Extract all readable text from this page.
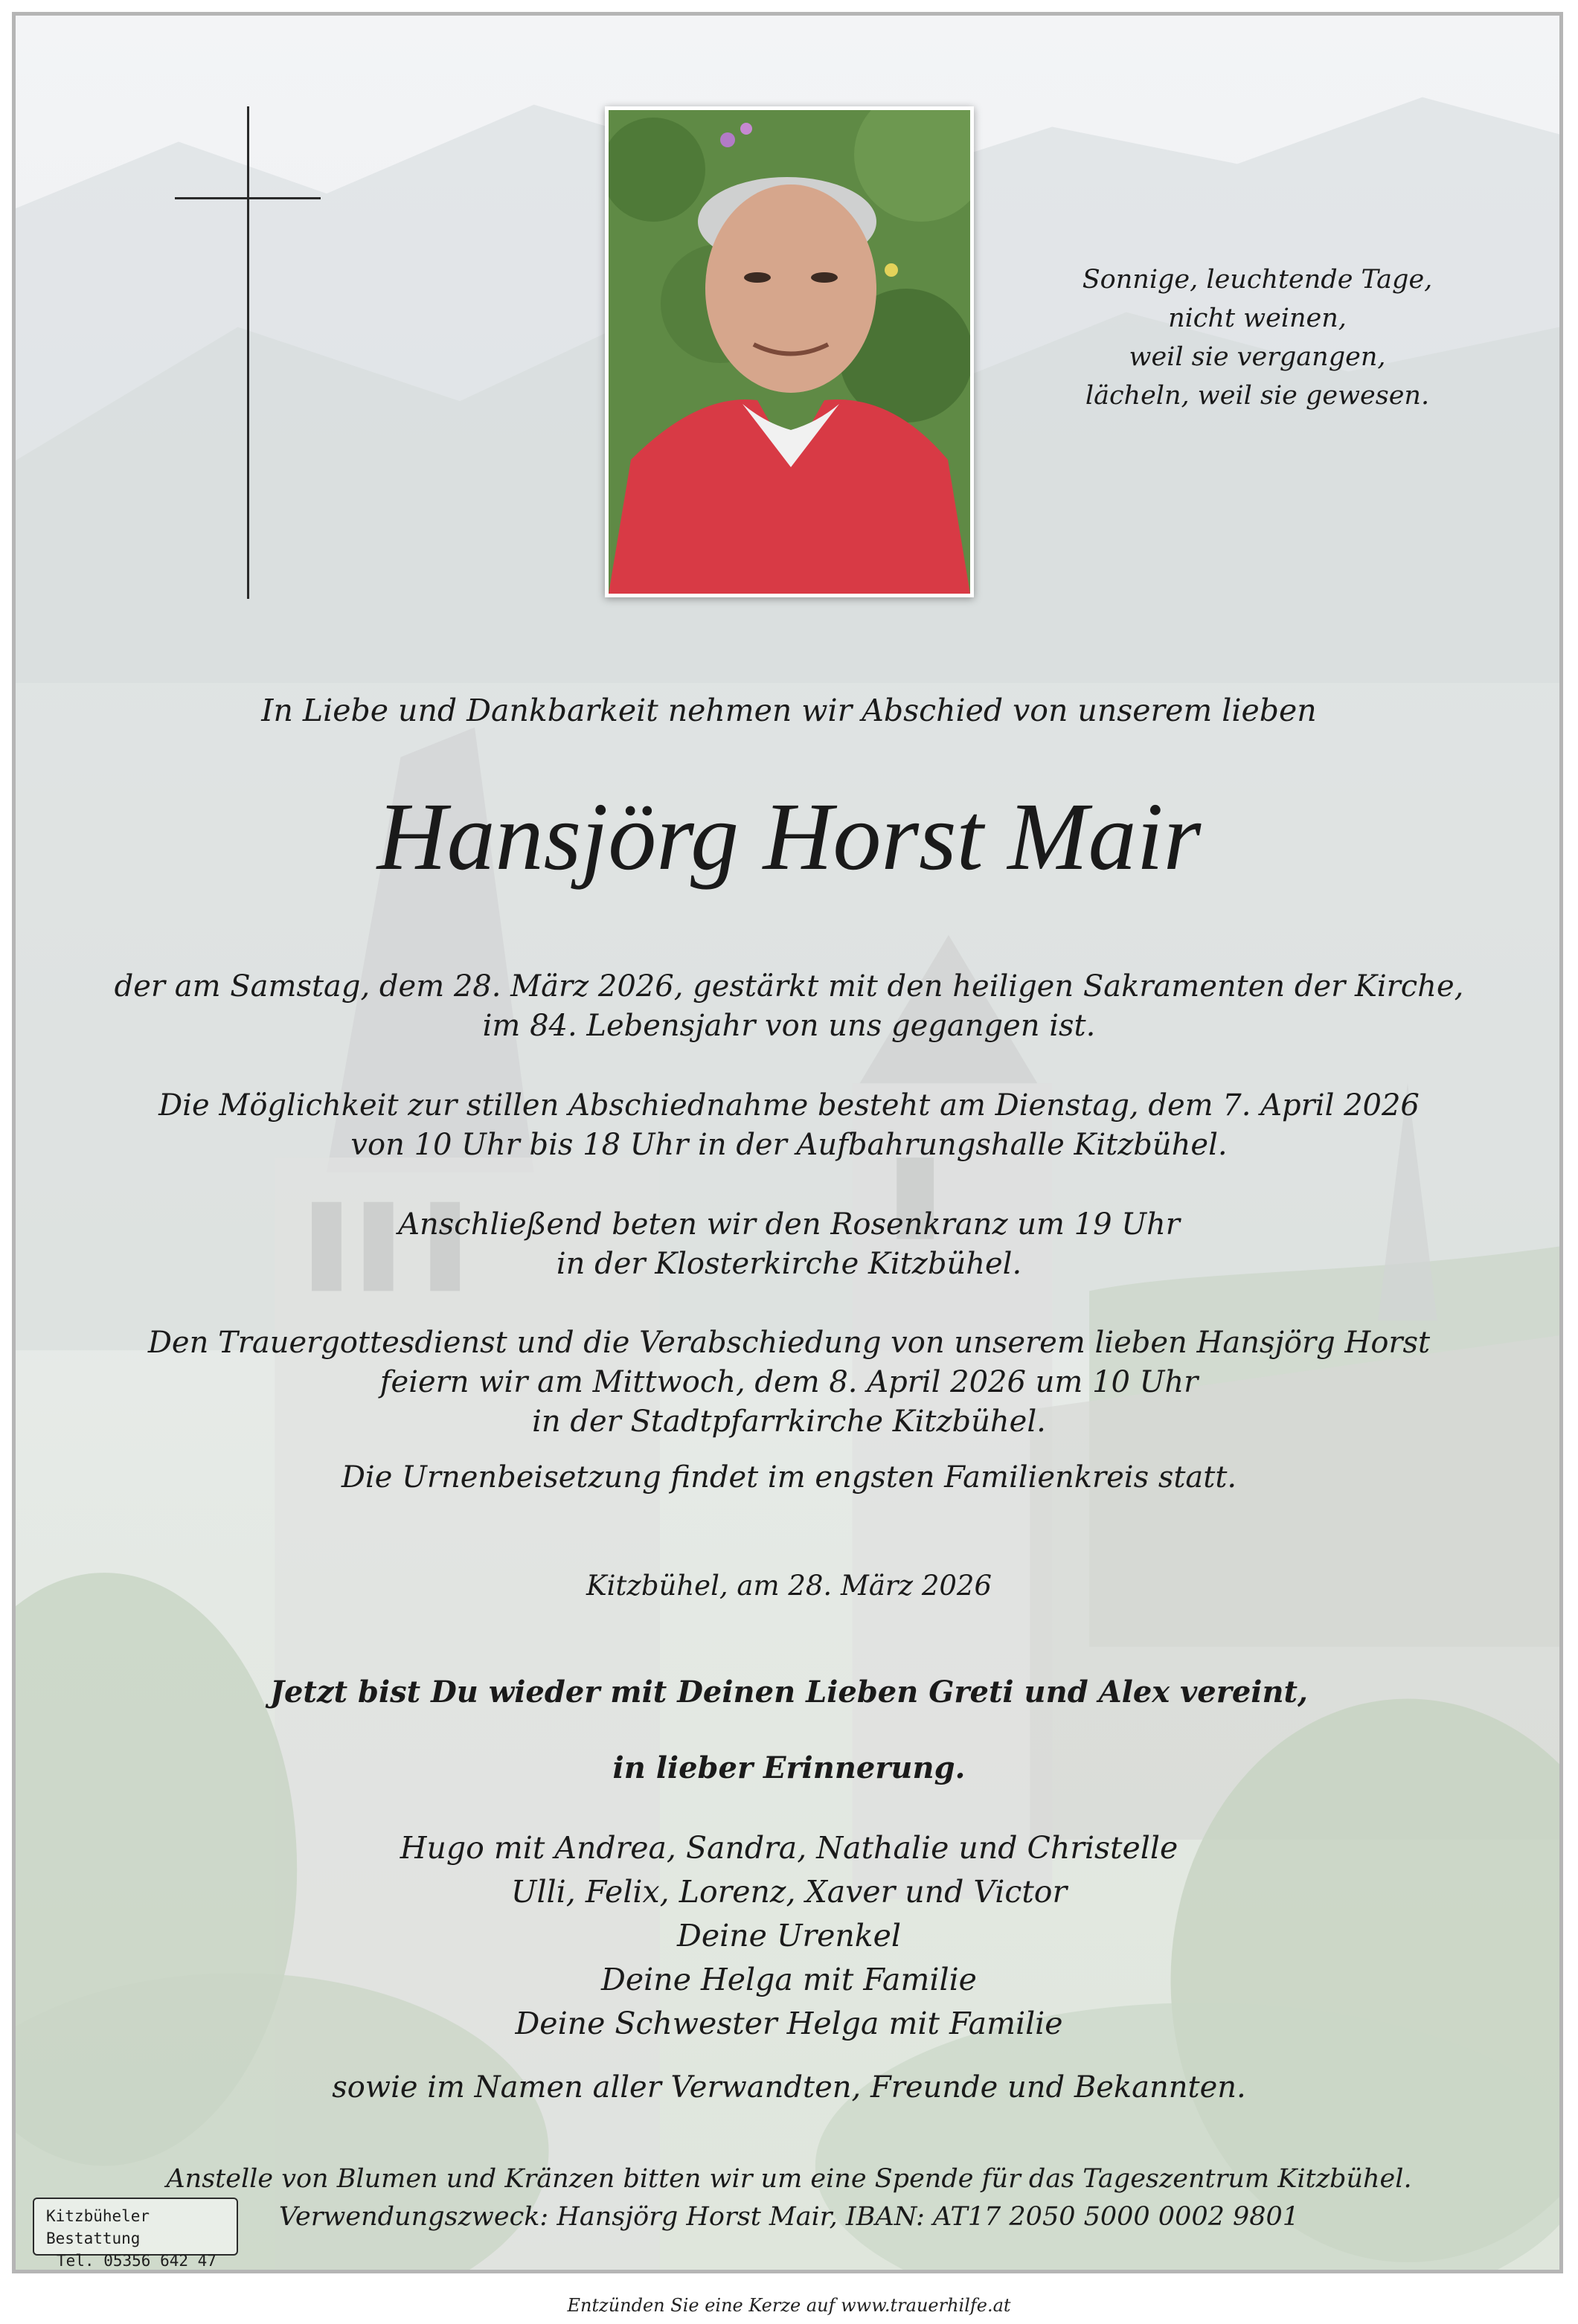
Sonnige, leuchtende Tage,
nicht weinen,
weil sie vergangen,
lächeln, weil sie gewesen.
In Liebe und Dankbarkeit nehmen wir Abschied von unserem lieben
Hansjörg Horst Mair
der am Samstag, dem 28. März 2026, gestärkt mit den heiligen Sakramenten der Kirche,
im 84. Lebensjahr von uns gegangen ist.
Die Möglichkeit zur stillen Abschiednahme besteht am Dienstag, dem 7. April 2026
von 10 Uhr bis 18 Uhr in der Aufbahrungshalle Kitzbühel.
Anschließend beten wir den Rosenkranz um 19 Uhr
in der Klosterkirche Kitzbühel.
Den Trauergottesdienst und die Verabschiedung von unserem lieben Hansjörg Horst
feiern wir am Mittwoch, dem 8. April 2026 um 10 Uhr
in der Stadtpfarrkirche Kitzbühel.
Die Urnenbeisetzung findet im engsten Familienkreis statt.
Kitzbühel, am 28. März 2026
Jetzt bist Du wieder mit Deinen Lieben Greti und Alex vereint,
in lieber Erinnerung.
Hugo mit Andrea, Sandra, Nathalie und Christelle
Ulli, Felix, Lorenz, Xaver und Victor
Deine Urenkel
Deine Helga mit Familie
Deine Schwester Helga mit Familie
sowie im Namen aller Verwandten, Freunde und Bekannten.
Anstelle von Blumen und Kränzen bitten wir um eine Spende für das Tageszentrum Kitzbühel.
Verwendungszweck: Hansjörg Horst Mair, IBAN: AT17 2050 5000 0002 9801
Kitzbüheler Bestattung
Tel. 05356 642 47
Entzünden Sie eine Kerze auf www.trauerhilfe.at
